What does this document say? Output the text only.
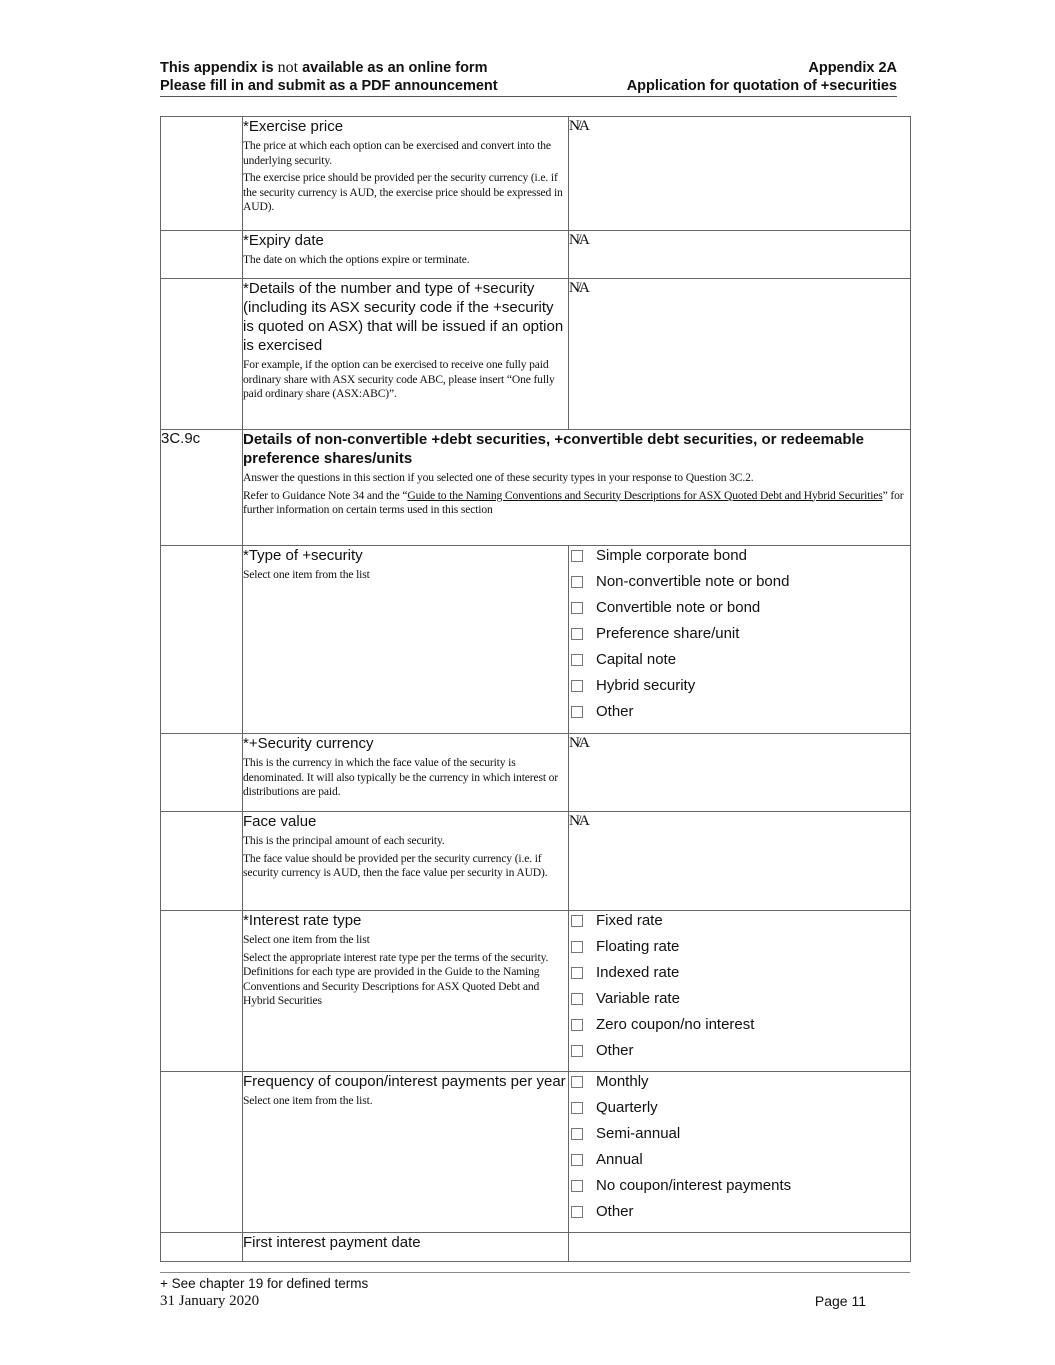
This appendix is not available as an online form	Appendix 2A
Please fill in and submit as a PDF announcement	Application for quotation of +securities

	*Exercise price
The price at which each option can be exercised and convert into the underlying security.
The exercise price should be provided per the security currency (i.e. if the security currency is AUD, the exercise price should be expressed in AUD).	N/A

	*Expiry date
The date on which the options expire or terminate.	N/A

	*Details of the number and type of +security (including its ASX security code if the +security is quoted on ASX) that will be issued if an option is exercised
For example, if the option can be exercised to receive one fully paid ordinary share with ASX security code ABC, please insert “One fully paid ordinary share (ASX:ABC)”.	N/A
3C.9c	Details of non-convertible +debt securities, +convertible debt securities, or redeemable preference shares/units
Answer the questions in this section if you selected one of these security types in your response to Question 3C.2.
Refer to Guidance Note 34 and the “Guide to the Naming Conventions and Security Descriptions for ASX Quoted Debt and Hybrid Securities” for further information on certain terms used in this section	

*Type of +security
Select one item from the list

Simple corporate bond
Non-convertible note or bond
Convertible note or bond
Preference share/unit
Capital note
Hybrid security
Other

	*+Security currency
This is the currency in which the face value of the security is denominated. It will also typically be the currency in which interest or distributions are paid.	N/A

	Face value
This is the principal amount of each security.
The face value should be provided per the security currency (i.e. if security currency is AUD, then the face value per security in AUD).	N/A

*Interest rate type
Select one item from the list
Select the appropriate interest rate type per the terms of the security. Definitions for each type are provided in the Guide to the Naming Conventions and Security Descriptions for ASX Quoted Debt and Hybrid Securities

Fixed rate
Floating rate
Indexed rate
Variable rate
Zero coupon/no interest
Other

Frequency of coupon/interest payments per year
Select one item from the list.

Monthly
Quarterly
Semi-annual
Annual
No coupon/interest payments
Other

	First interest payment date	

+ See chapter 19 for defined terms
31 January 2020	Page 11
